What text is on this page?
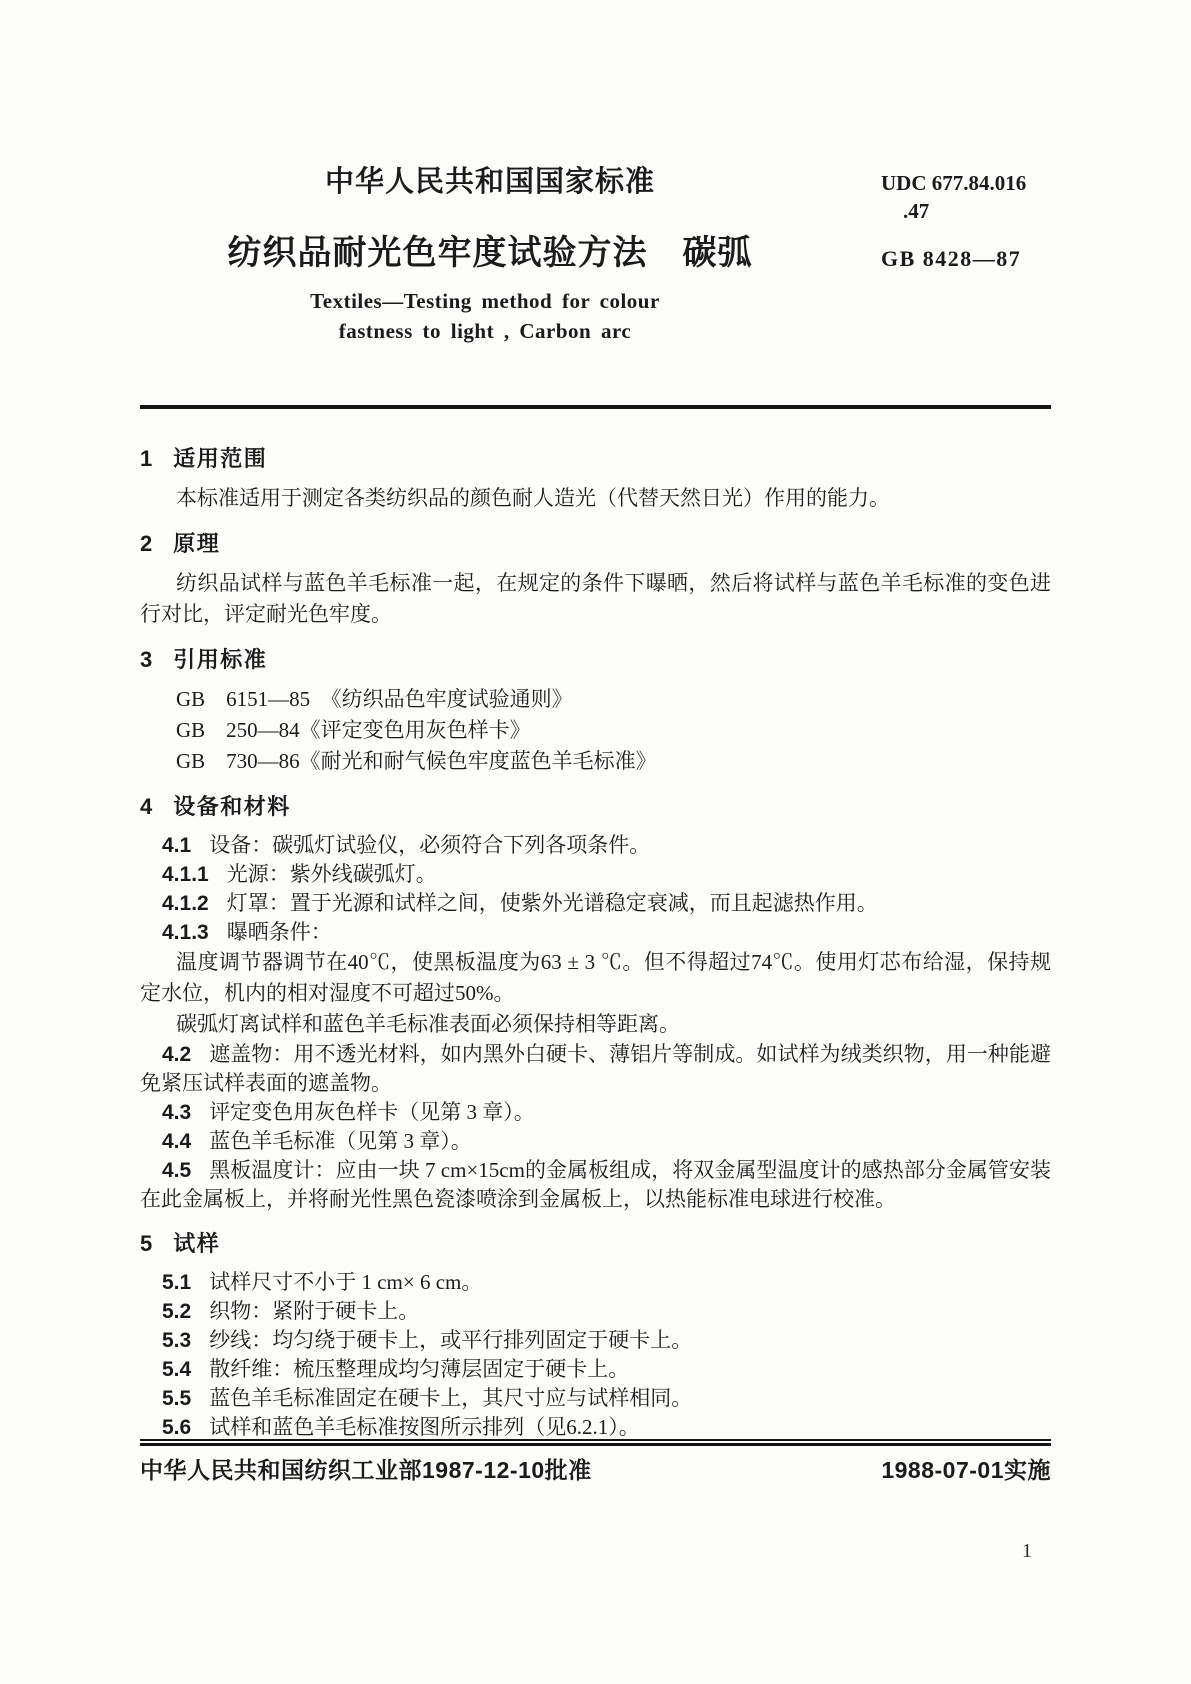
中华人民共和国国家标准	UDC 677.84.016
.47
纺织品耐光色牢度试验方法　碳弧	GB 8428—87
Textiles—Testing method for colour
fastness to light , Carbon arc

1 适用范围

本标准适用于测定各类纺织品的颜色耐人造光（代替天然日光）作用的能力。

2 原理

纺织品试样与蓝色羊毛标准一起，在规定的条件下曝晒，然后将试样与蓝色羊毛标准的变色进行对比，评定耐光色牢度。

3 引用标准

GB　6151—85　《纺织品色牢度试验通则》

GB　250—84《评定变色用灰色样卡》

GB　730—86《耐光和耐气候色牢度蓝色羊毛标准》

4 设备和材料

4.1 设备：碳弧灯试验仪，必须符合下列各项条件。

4.1.1 光源：紫外线碳弧灯。

4.1.2 灯罩：置于光源和试样之间，使紫外光谱稳定衰减，而且起滤热作用。

4.1.3 曝晒条件：

温度调节器调节在40℃，使黑板温度为63 ± 3 ℃。但不得超过74℃。使用灯芯布给湿，保持规定水位，机内的相对湿度不可超过50%。

碳弧灯离试样和蓝色羊毛标准表面必须保持相等距离。

4.2 遮盖物：用不透光材料，如内黑外白硬卡、薄铝片等制成。如试样为绒类织物，用一种能避免紧压试样表面的遮盖物。

4.3 评定变色用灰色样卡（见第 3 章）。

4.4 蓝色羊毛标准（见第 3 章）。

4.5 黑板温度计：应由一块 7 cm×15cm的金属板组成，将双金属型温度计的感热部分金属管安装在此金属板上，并将耐光性黑色瓷漆喷涂到金属板上，以热能标准电球进行校准。

5 试样

5.1 试样尺寸不小于 1 cm× 6 cm。

5.2 织物：紧附于硬卡上。

5.3 纱线：均匀绕于硬卡上，或平行排列固定于硬卡上。

5.4 散纤维：梳压整理成均匀薄层固定于硬卡上。

5.5 蓝色羊毛标准固定在硬卡上，其尺寸应与试样相同。

5.6 试样和蓝色羊毛标准按图所示排列（见6.2.1）。

中华人民共和国纺织工业部1987-12-10批准	1988-07-01实施
1
